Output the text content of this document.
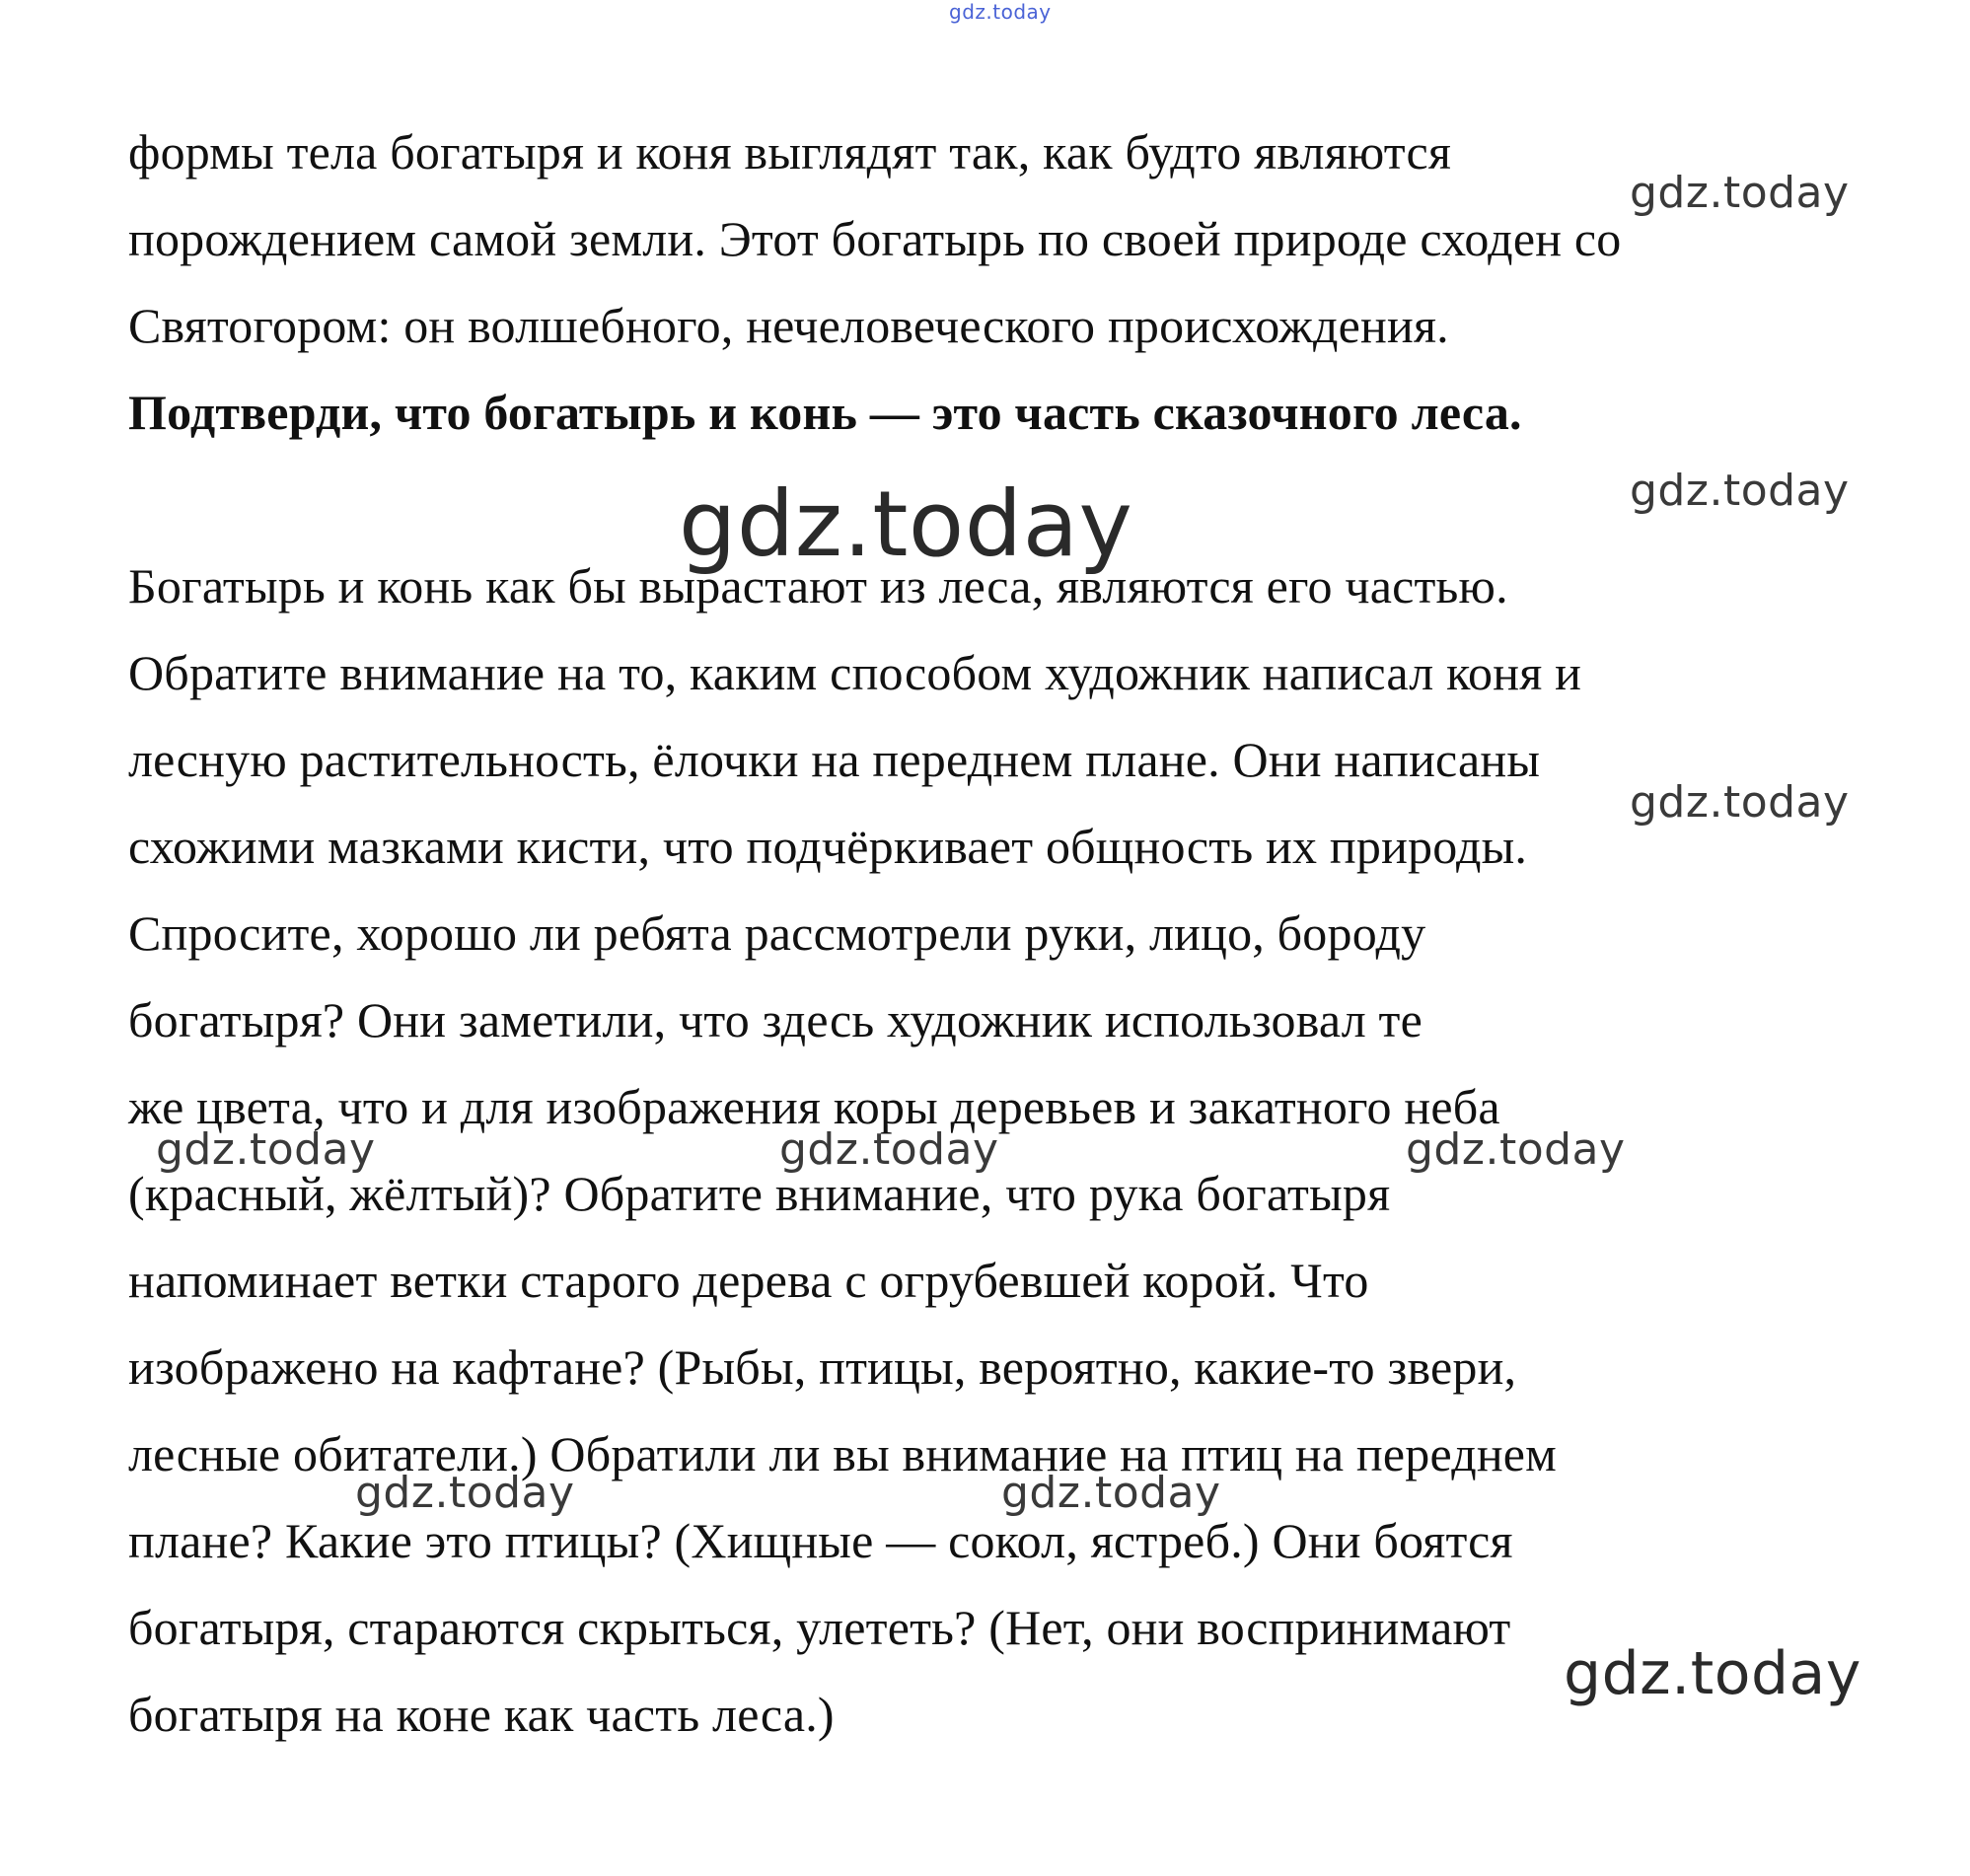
gdz.today
gdz.today
gdz.today
gdz.today
gdz.today
gdz.today	gdz.today	gdz.today
gdz.today	gdz.today
gdz.today
формы тела богатыря и коня выглядят так, как будто являются
порождением самой земли. Этот богатырь по своей природе сходен со
Святогором: он волшебного, нечеловеческого происхождения.
Подтверди, что богатырь и конь — это часть сказочного леса.
Богатырь и конь как бы вырастают из леса, являются его частью.
Обратите внимание на то, каким способом художник написал коня и
лесную растительность, ёлочки на переднем плане. Они написаны
схожими мазками кисти, что подчёркивает общность их природы.
Спросите, хорошо ли ребята рассмотрели руки, лицо, бороду
богатыря? Они заметили, что здесь художник использовал те
же цвета, что и для изображения коры деревьев и закатного неба
(красный, жёлтый)? Обратите внимание, что рука богатыря
напоминает ветки старого дерева с огрубевшей корой. Что
изображено на кафтане? (Рыбы, птицы, вероятно, какие-то звери,
лесные обитатели.) Обратили ли вы внимание на птиц на переднем
плане? Какие это птицы? (Хищные — сокол, ястреб.) Они боятся
богатыря, стараются скрыться, улететь? (Нет, они воспринимают
богатыря на коне как часть леса.)
